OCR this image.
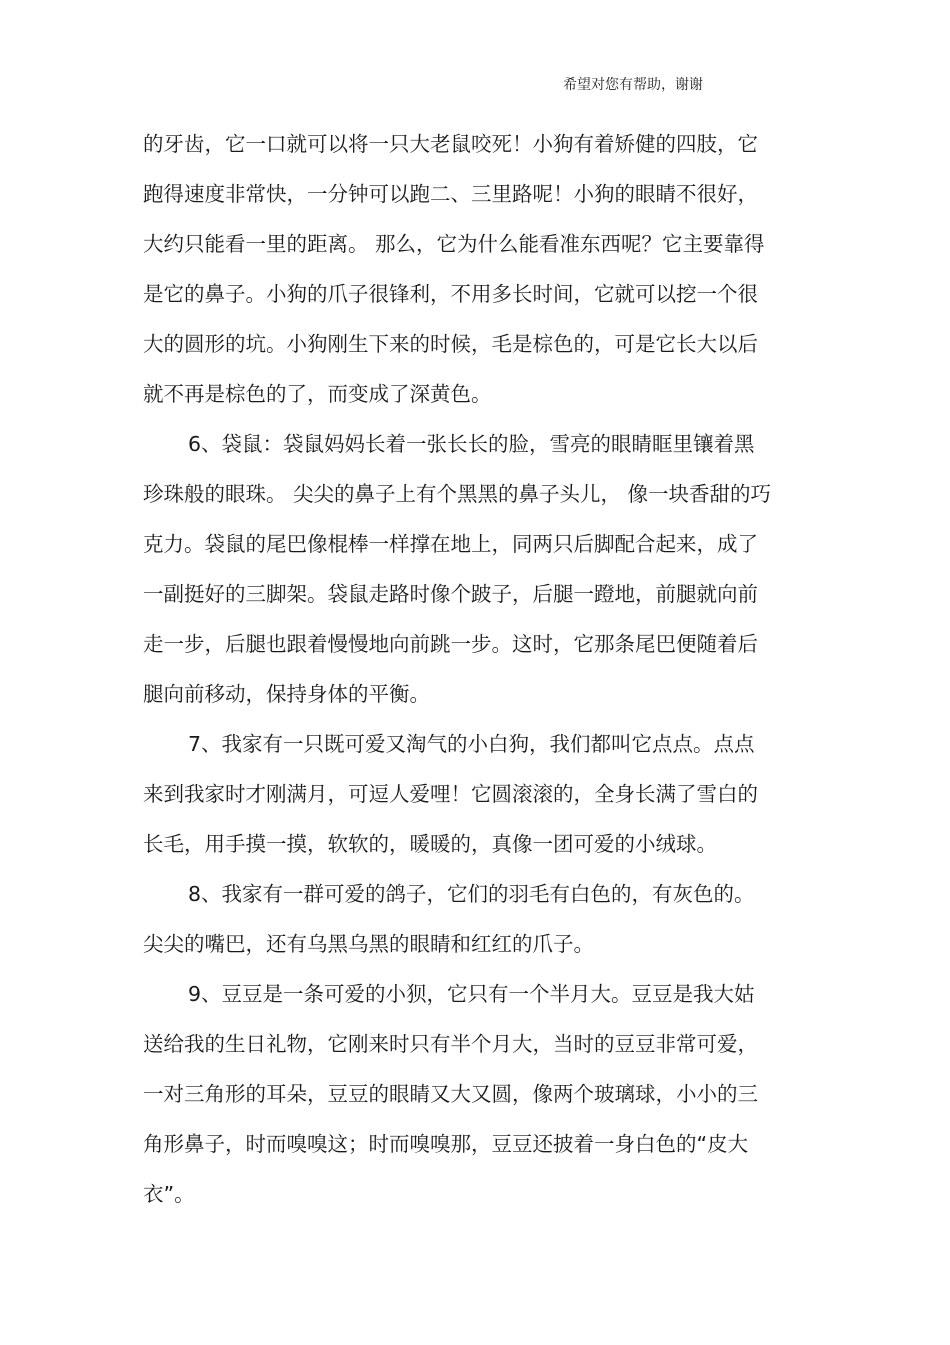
希望对您有帮助，谢谢
的牙齿，它一口就可以将一只大老鼠咬死！小狗有着矫健的四肢，它
跑得速度非常快，一分钟可以跑二、三里路呢！小狗的眼睛不很好，
大约只能看一里的距离。 那么，它为什么能看准东西呢？它主要靠得
是它的鼻子。小狗的爪子很锋利，不用多长时间，它就可以挖一个很
大的圆形的坑。小狗刚生下来的时候，毛是棕色的，可是它长大以后
就不再是棕色的了，而变成了深黄色。
6、袋鼠：袋鼠妈妈长着一张长长的脸，雪亮的眼睛眶里镶着黑
珍珠般的眼珠。 尖尖的鼻子上有个黑黑的鼻子头儿， 像一块香甜的巧
克力。袋鼠的尾巴像棍棒一样撑在地上，同两只后脚配合起来，成了
一副挺好的三脚架。袋鼠走路时像个跛子，后腿一蹬地，前腿就向前
走一步，后腿也跟着慢慢地向前跳一步。这时，它那条尾巴便随着后
腿向前移动，保持身体的平衡。
7、我家有一只既可爱又淘气的小白狗，我们都叫它点点。点点
来到我家时才刚满月，可逗人爱哩！它圆滚滚的，全身长满了雪白的
长毛，用手摸一摸，软软的，暖暖的，真像一团可爱的小绒球。
8、我家有一群可爱的鸽子，它们的羽毛有白色的，有灰色的。
尖尖的嘴巴，还有乌黑乌黑的眼睛和红红的爪子。
9、豆豆是一条可爱的小狈，它只有一个半月大。豆豆是我大姑
送给我的生日礼物，它刚来时只有半个月大，当时的豆豆非常可爱，
一对三角形的耳朵，豆豆的眼睛又大又圆，像两个玻璃球，小小的三
角形鼻子，时而嗅嗅这；时而嗅嗅那，豆豆还披着一身白色的“皮大
衣”。
